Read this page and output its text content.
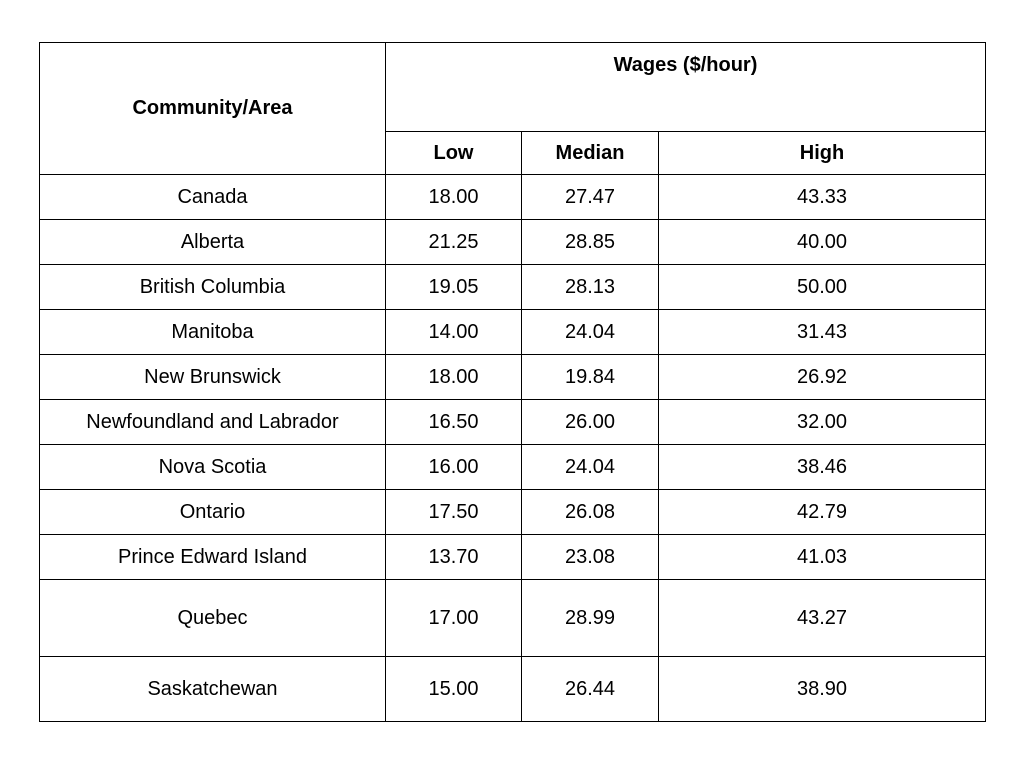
Community/Area	Wages ($/hour)		
	Low	Median	High
Canada	18.00	27.47	43.33
Alberta	21.25	28.85	40.00
British Columbia	19.05	28.13	50.00
Manitoba	14.00	24.04	31.43
New Brunswick	18.00	19.84	26.92
Newfoundland and Labrador	16.50	26.00	32.00
Nova Scotia	16.00	24.04	38.46
Ontario	17.50	26.08	42.79
Prince Edward Island	13.70	23.08	41.03
Quebec	17.00	28.99	43.27
Saskatchewan	15.00	26.44	38.90
